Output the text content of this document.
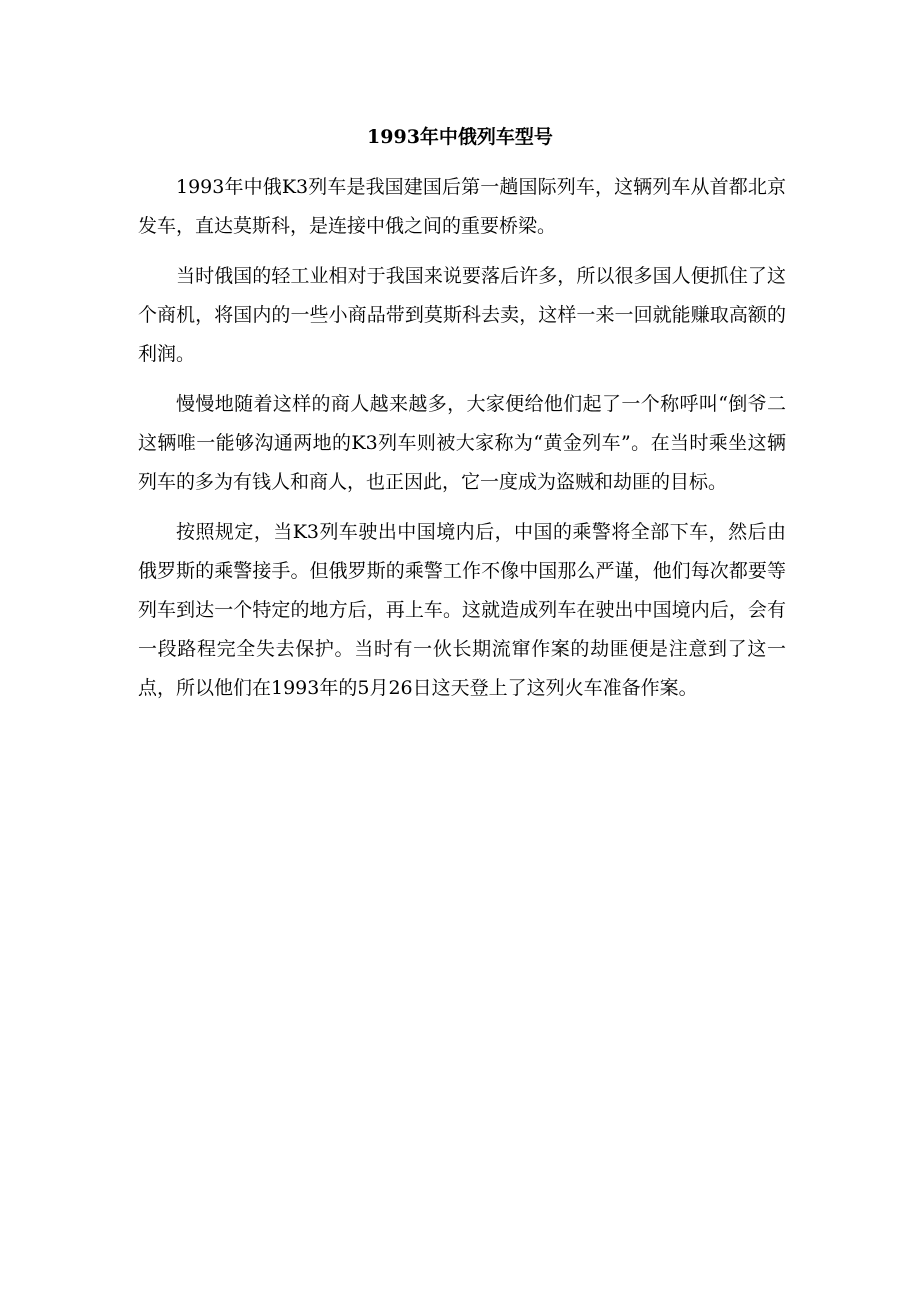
1993年中俄列车型号

1993年中俄K3列车是我国建国后第一趟国际列车，这辆列车从首都北京发车，直达莫斯科，是连接中俄之间的重要桥梁。

当时俄国的轻工业相对于我国来说要落后许多，所以很多国人便抓住了这个商机，将国内的一些小商品带到莫斯科去卖，这样一来一回就能赚取高额的利润。

慢慢地随着这样的商人越来越多，大家便给他们起了一个称呼叫“倒爷二这辆唯一能够沟通两地的K3列车则被大家称为“黄金列车”。在当时乘坐这辆列车的多为有钱人和商人，也正因此，它一度成为盗贼和劫匪的目标。

按照规定，当K3列车驶出中国境内后，中国的乘警将全部下车，然后由俄罗斯的乘警接手。但俄罗斯的乘警工作不像中国那么严谨，他们每次都要等列车到达一个特定的地方后，再上车。这就造成列车在驶出中国境内后，会有一段路程完全失去保护。当时有一伙长期流窜作案的劫匪便是注意到了这一点，所以他们在1993年的5月26日这天登上了这列火车准备作案。
